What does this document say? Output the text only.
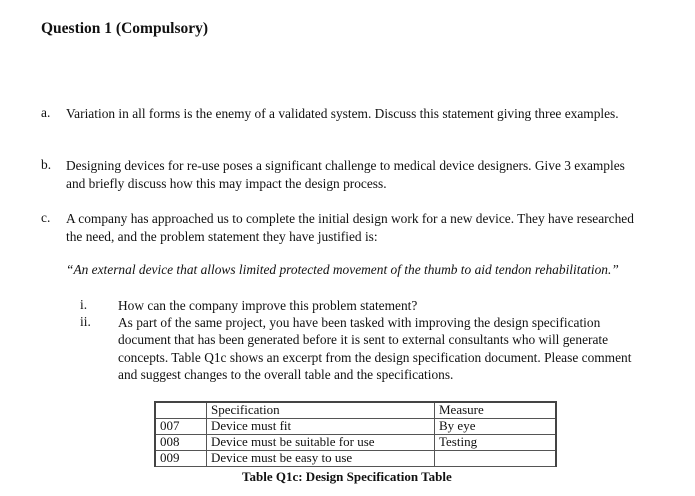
Question 1 (Compulsory)
a. Variation in all forms is the enemy of a validated system. Discuss this statement giving three examples.
b. Designing devices for re-use poses a significant challenge to medical device designers. Give 3 examples
and briefly discuss how this may impact the design process.
c. A company has approached us to complete the initial design work for a new device. They have researched
the need, and the problem statement they have justified is:
“An external device that allows limited protected movement of the thumb to aid tendon rehabilitation.”
i. How can the company improve this problem statement?
ii. As part of the same project, you have been tasked with improving the design specification
document that has been generated before it is sent to external consultants who will generate
concepts. Table Q1c shows an excerpt from the design specification document. Please comment
and suggest changes to the overall table and the specifications.
	Specification	Measure
007	Device must fit	By eye
008	Device must be suitable for use	Testing
009	Device must be easy to use	
Table Q1c: Design Specification Table
